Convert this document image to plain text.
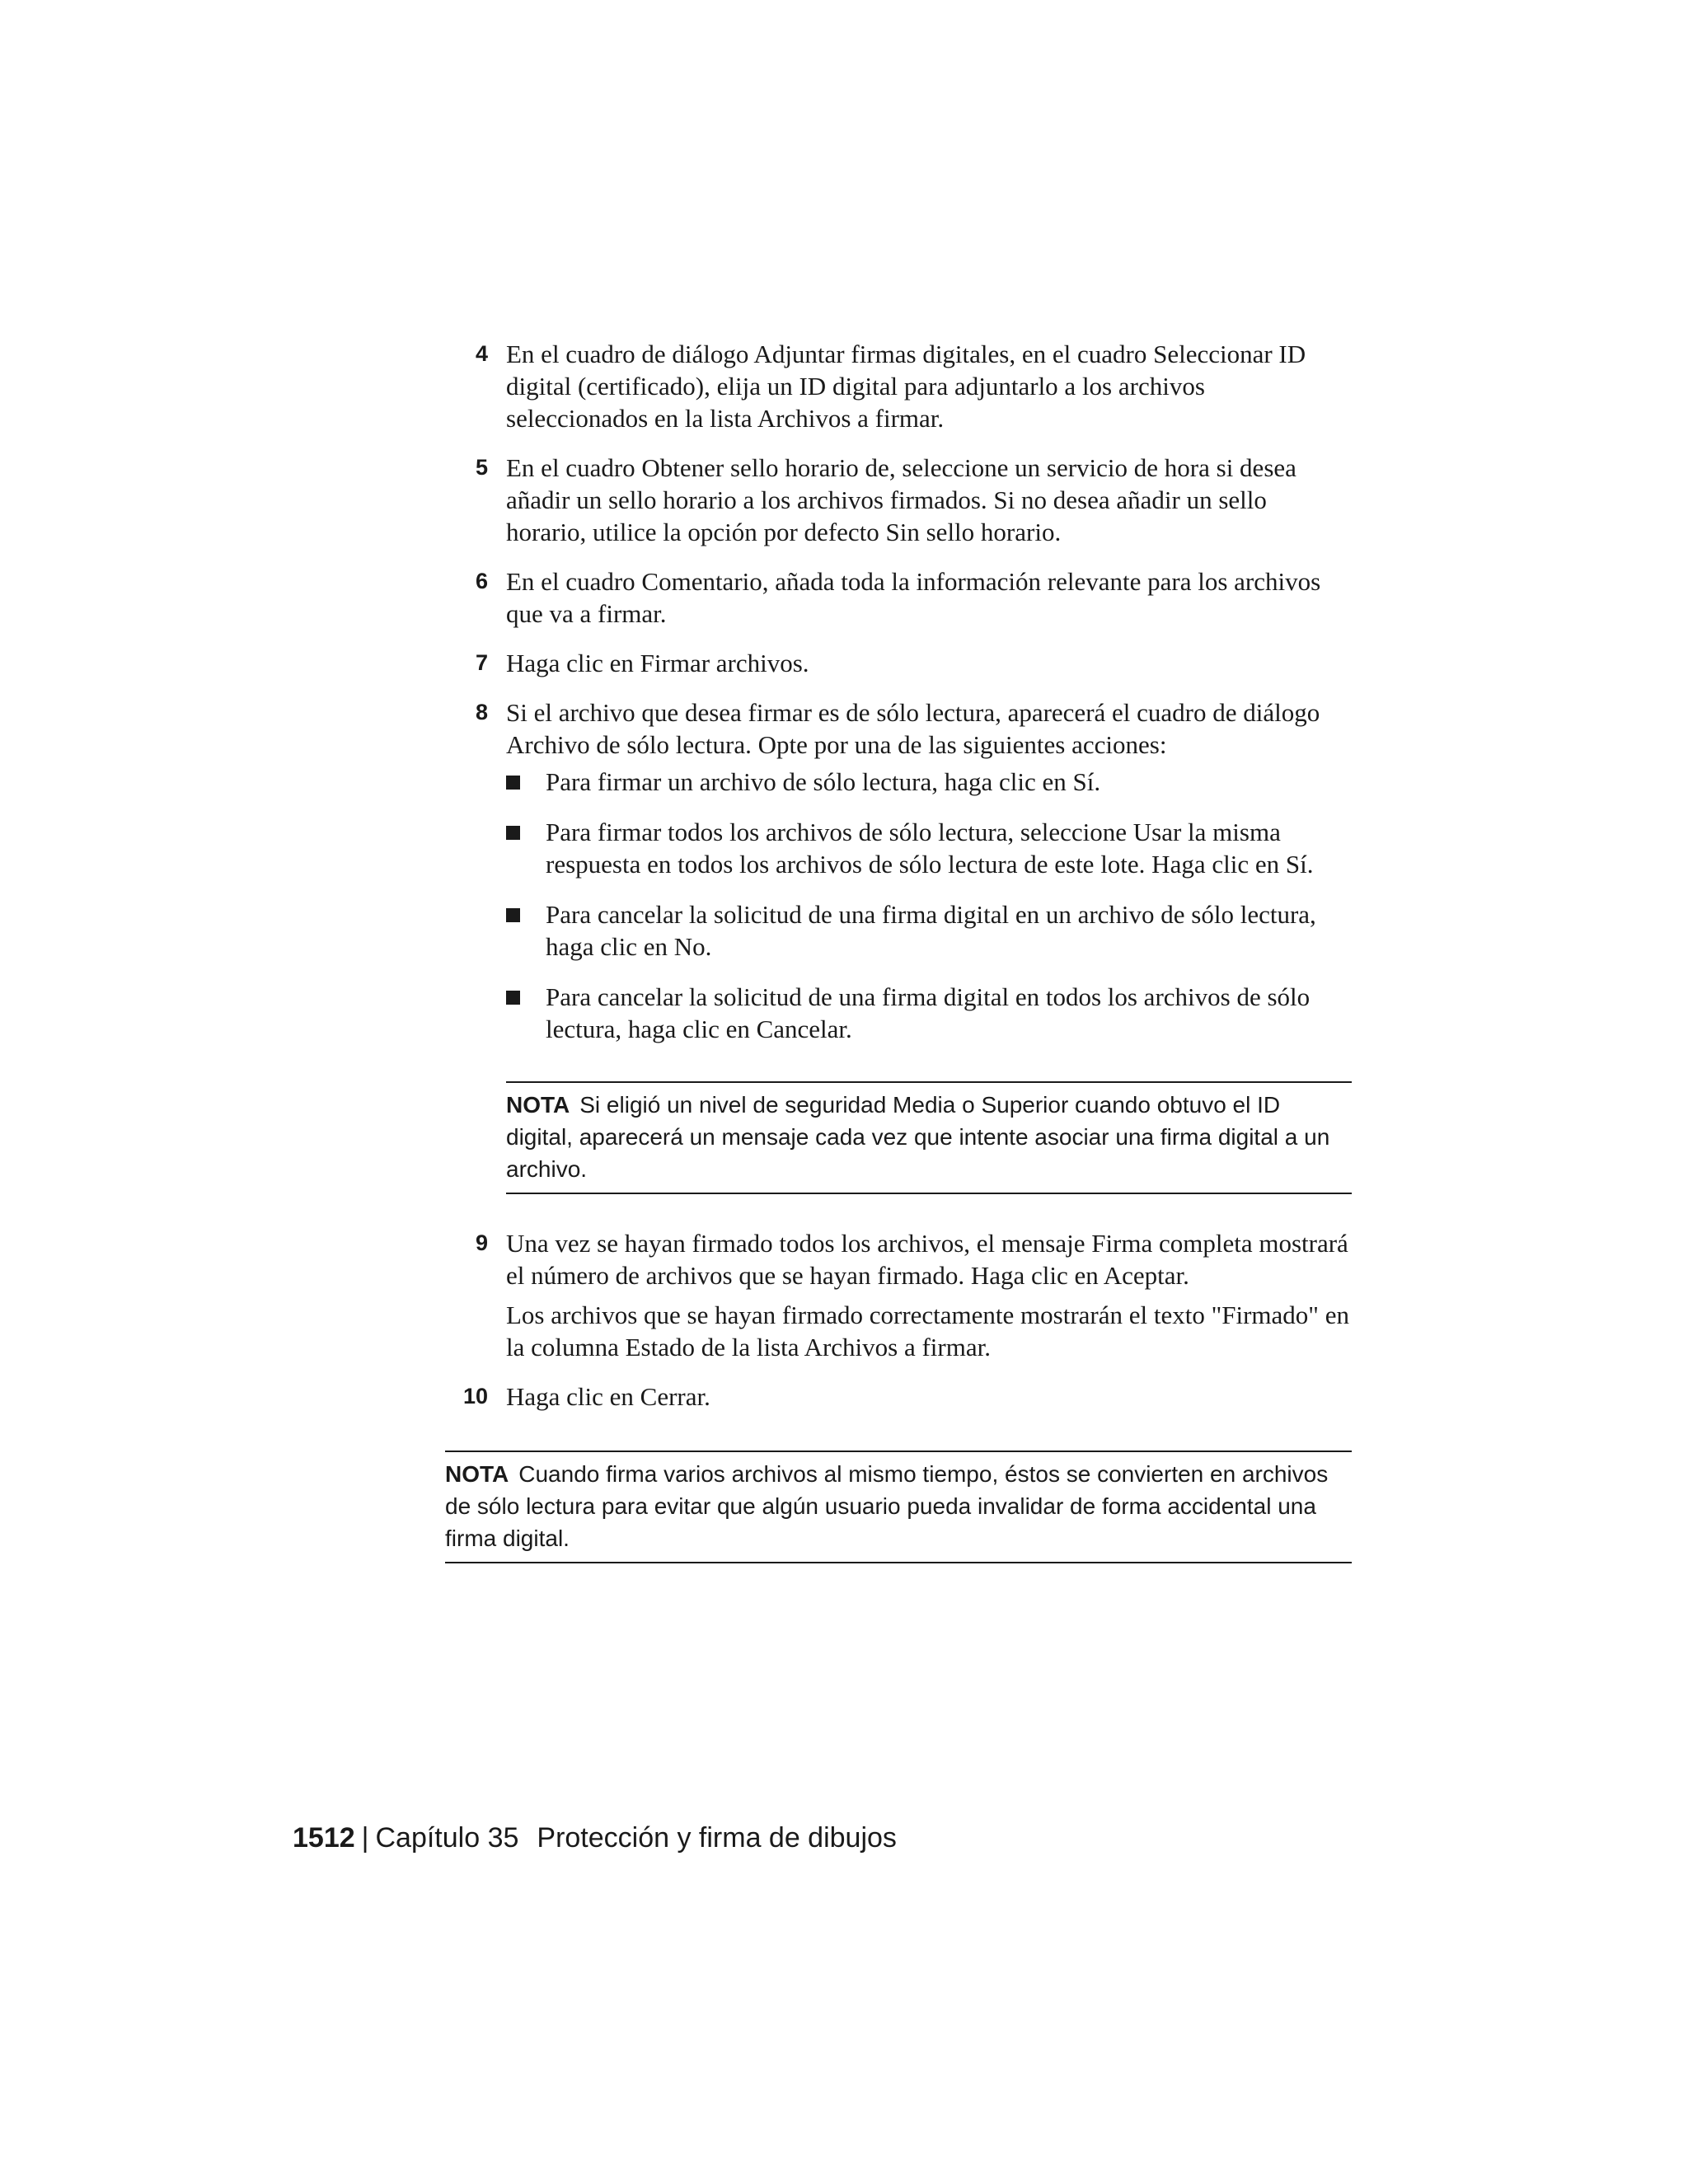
4 En el cuadro de diálogo Adjuntar firmas digitales, en el cuadro Seleccionar ID digital (certificado), elija un ID digital para adjuntarlo a los archivos seleccionados en la lista Archivos a firmar.
5 En el cuadro Obtener sello horario de, seleccione un servicio de hora si desea añadir un sello horario a los archivos firmados. Si no desea añadir un sello horario, utilice la opción por defecto Sin sello horario.
6 En el cuadro Comentario, añada toda la información relevante para los archivos que va a firmar.
7 Haga clic en Firmar archivos.
8 Si el archivo que desea firmar es de sólo lectura, aparecerá el cuadro de diálogo Archivo de sólo lectura. Opte por una de las siguientes acciones:
Para firmar un archivo de sólo lectura, haga clic en Sí.
Para firmar todos los archivos de sólo lectura, seleccione Usar la misma respuesta en todos los archivos de sólo lectura de este lote. Haga clic en Sí.
Para cancelar la solicitud de una firma digital en un archivo de sólo lectura, haga clic en No.
Para cancelar la solicitud de una firma digital en todos los archivos de sólo lectura, haga clic en Cancelar.
NOTA Si eligió un nivel de seguridad Media o Superior cuando obtuvo el ID digital, aparecerá un mensaje cada vez que intente asociar una firma digital a un archivo.
9 Una vez se hayan firmado todos los archivos, el mensaje Firma completa mostrará el número de archivos que se hayan firmado. Haga clic en Aceptar.
Los archivos que se hayan firmado correctamente mostrarán el texto "Firmado" en la columna Estado de la lista Archivos a firmar.
10 Haga clic en Cerrar.
NOTA Cuando firma varios archivos al mismo tiempo, éstos se convierten en archivos de sólo lectura para evitar que algún usuario pueda invalidar de forma accidental una firma digital.
1512 | Capítulo 35 Protección y firma de dibujos
